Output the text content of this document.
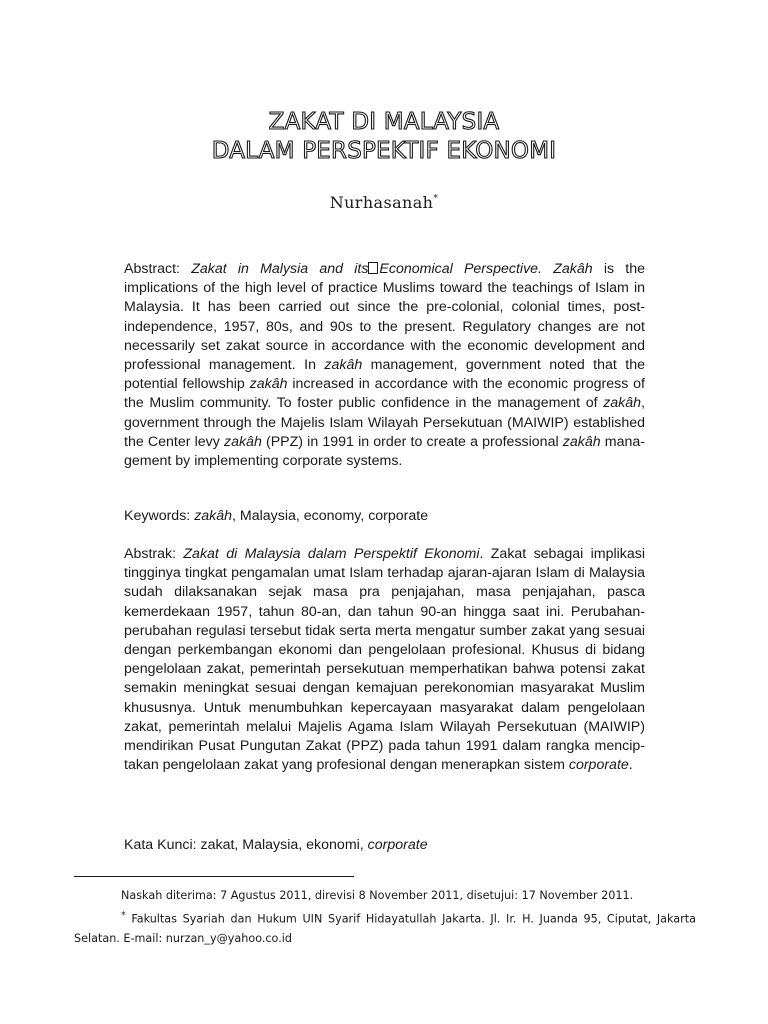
ZAKAT DI MALAYSIA
DALAM PERSPEKTIF EKONOMI
Nurhasanah*
Abstract: Zakat in Malysia and its Economical Perspective. Zakâh is the implications of the high level of practice Muslims toward the teachings of Islam in Malaysia. It has been carried out since the pre-colonial, colonial times, post-independence, 1957, 80s, and 90s to the present. Regulatory changes are not necessarily set zakat source in accordance with the economic development and professional management. In zakâh management, government noted that the potential fellowship zakâh increased in accordance with the economic progress of the Muslim community. To foster public confidence in the management of zakâh, government through the Majelis Islam Wilayah Persekutuan (MAIWIP) established the Center levy zakâh (PPZ) in 1991 in order to create a professional zakâh management by implementing corporate systems.
Keywords: zakâh, Malaysia, economy, corporate
Abstrak: Zakat di Malaysia dalam Perspektif Ekonomi. Zakat sebagai implikasi tingginya tingkat pengamalan umat Islam terhadap ajaran-ajaran Islam di Malaysia sudah dilaksanakan sejak masa pra penjajahan, masa penjajahan, pasca kemerdekaan 1957, tahun 80-an, dan tahun 90-an hingga saat ini. Perubahan-perubahan regulasi tersebut tidak serta merta mengatur sumber zakat yang sesuai dengan perkembangan ekonomi dan pengelolaan profesional. Khusus di bidang pengelolaan zakat, pemerintah persekutuan memperhatikan bahwa potensi zakat semakin meningkat sesuai dengan kemajuan perekonomian masyarakat Muslim khususnya. Untuk menumbuhkan kepercayaan masyarakat dalam pengelolaan zakat, pemerintah melalui Majelis Agama Islam Wilayah Persekutuan (MAIWIP) mendirikan Pusat Pungutan Zakat (PPZ) pada tahun 1991 dalam rangka menciptakan pengelolaan zakat yang profesional dengan menerapkan sistem corporate.
Kata Kunci: zakat, Malaysia, ekonomi, corporate
Naskah diterima: 7 Agustus 2011, direvisi 8 November 2011, disetujui: 17 November 2011.
* Fakultas Syariah dan Hukum UIN Syarif Hidayatullah Jakarta. Jl. Ir. H. Juanda 95, Ciputat, Jakarta Selatan. E-mail: nurzan_y@yahoo.co.id
